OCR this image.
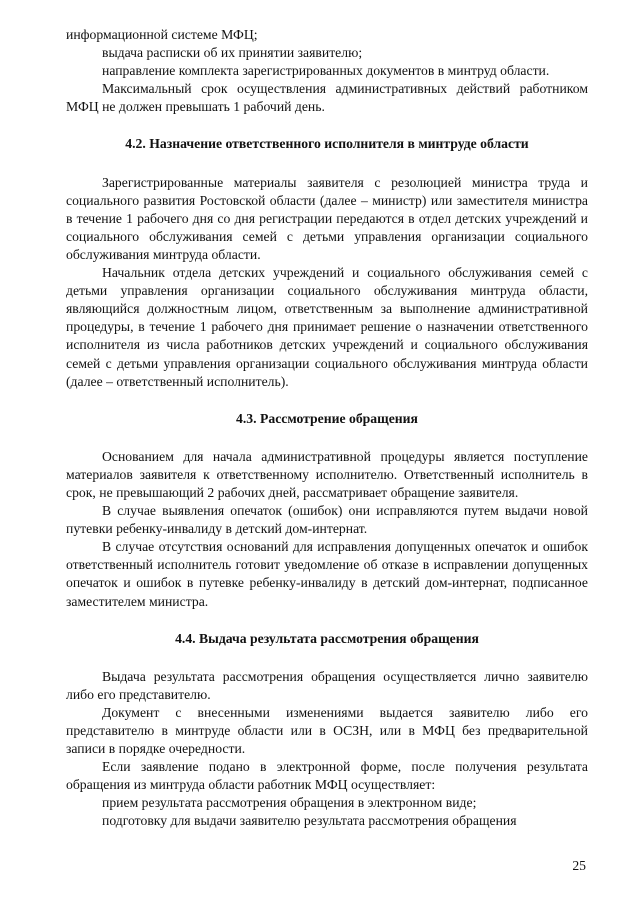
информационной системе МФЦ;

выдача расписки об их принятии заявителю;

направление комплекта зарегистрированных документов в минтруд области.

Максимальный срок осуществления административных действий работником МФЦ не должен превышать 1 рабочий день.

4.2. Назначение ответственного исполнителя в минтруде области

Зарегистрированные материалы заявителя с резолюцией министра труда и социального развития Ростовской области (далее – министр) или заместителя министра в течение 1 рабочего дня со дня регистрации передаются в отдел детских учреждений и социального обслуживания семей с детьми управления организации социального обслуживания минтруда области.

Начальник отдела детских учреждений и социального обслуживания семей с детьми управления организации социального обслуживания минтруда области, являющийся должностным лицом, ответственным за выполнение административной процедуры, в течение 1 рабочего дня принимает решение о назначении ответственного исполнителя из числа работников детских учреждений и социального обслуживания семей с детьми управления организации социального обслуживания минтруда области (далее – ответственный исполнитель).

4.3. Рассмотрение обращения

Основанием для начала административной процедуры является поступление материалов заявителя к ответственному исполнителю. Ответственный исполнитель в срок, не превышающий 2 рабочих дней, рассматривает обращение заявителя.

В случае выявления опечаток (ошибок) они исправляются путем выдачи новой путевки ребенку-инвалиду в детский дом-интернат.

В случае отсутствия оснований для исправления допущенных опечаток и ошибок ответственный исполнитель готовит уведомление об отказе в исправлении допущенных опечаток и ошибок в путевке ребенку-инвалиду в детский дом-интернат, подписанное заместителем министра.

4.4. Выдача результата рассмотрения обращения

Выдача результата рассмотрения обращения осуществляется лично заявителю либо его представителю.

Документ с внесенными изменениями выдается заявителю либо его представителю в минтруде области или в ОСЗН, или в МФЦ без предварительной записи в порядке очередности.

Если заявление подано в электронной форме, после получения результата обращения из минтруда области работник МФЦ осуществляет:

прием результата рассмотрения обращения в электронном виде;

подготовку для выдачи заявителю результата рассмотрения обращения

25
